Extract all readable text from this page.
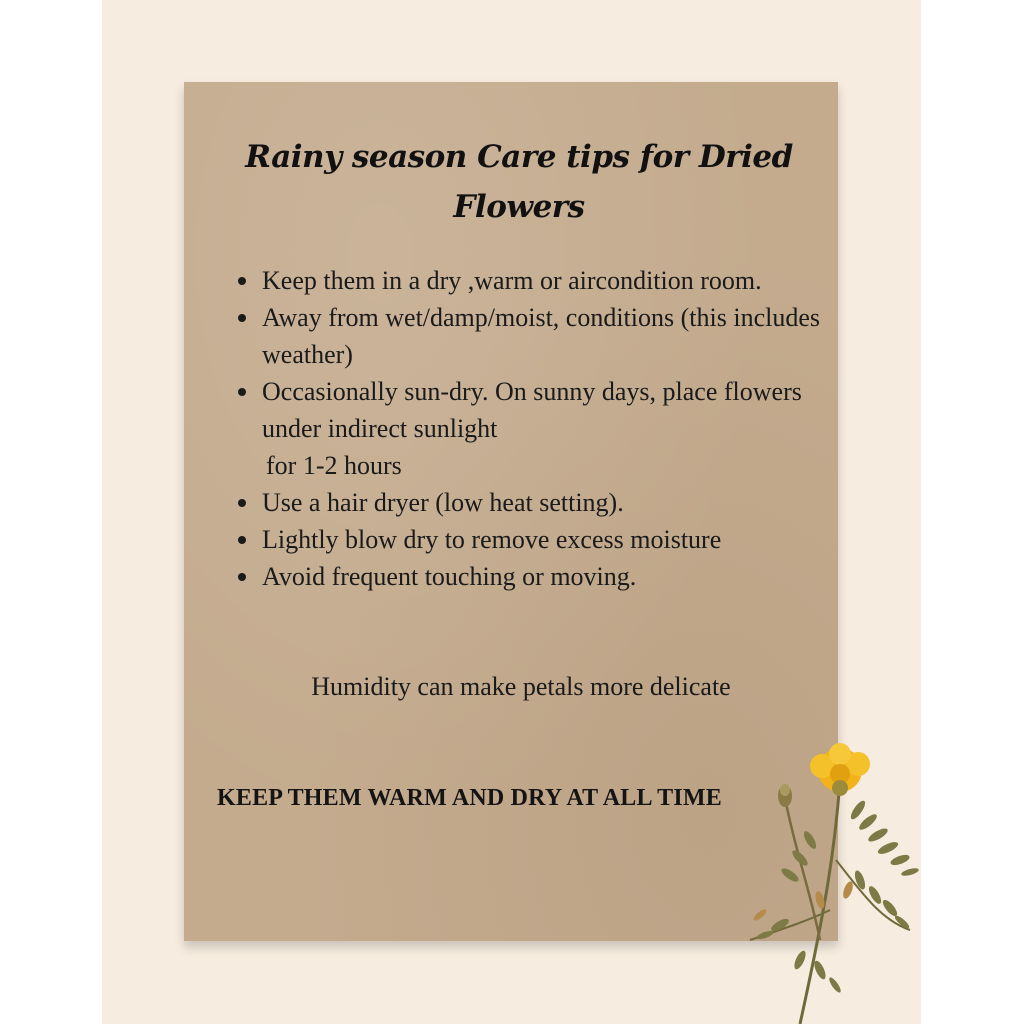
Rainy season Care tips for Dried Flowers
Keep them in a dry ,warm or aircondition room.
Away from wet/damp/moist, conditions (this includes weather)
Occasionally sun-dry. On sunny days, place flowers under indirect sunlight
for 1-2 hours
Use a hair dryer (low heat setting).
Lightly blow dry to remove excess moisture
Avoid frequent touching or moving.
Humidity can make petals more delicate
KEEP THEM WARM AND DRY AT ALL TIME
